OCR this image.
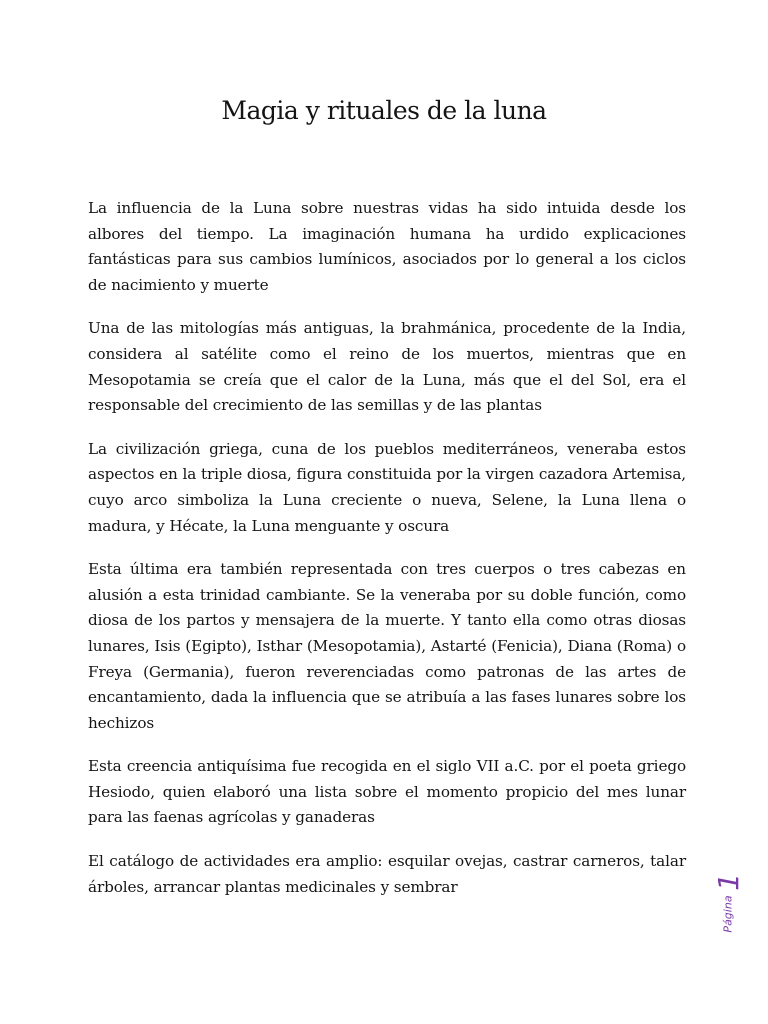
Magia y rituales de la luna

La influencia de la Luna sobre nuestras vidas ha sido intuida desde los albores del tiempo. La imaginación humana ha urdido explicaciones fantásticas para sus cambios lumínicos, asociados por lo general a los ciclos de nacimiento y muerte

Una de las mitologías más antiguas, la brahmánica, procedente de la India, considera al satélite como el reino de los muertos, mientras que en Mesopotamia se creía que el calor de la Luna, más que el del Sol, era el responsable del crecimiento de las semillas y de las plantas

La civilización griega, cuna de los pueblos mediterráneos, veneraba estos aspectos en la triple diosa, figura constituida por la virgen cazadora Artemisa, cuyo arco simboliza la Luna creciente o nueva, Selene, la Luna llena o madura, y Hécate, la Luna menguante y oscura

Esta última era también representada con tres cuerpos o tres cabezas en alusión a esta trinidad cambiante. Se la veneraba por su doble función, como diosa de los partos y mensajera de la muerte. Y tanto ella como otras diosas lunares, Isis (Egipto), Isthar (Mesopotamia), Astarté (Fenicia), Diana (Roma) o Freya (Germania), fueron reverenciadas como patronas de las artes de encantamiento, dada la influencia que se atribuía a las fases lunares sobre los hechizos

Esta creencia antiquísima fue recogida en el siglo VII a.C. por el poeta griego Hesiodo, quien elaboró una lista sobre el momento propicio del mes lunar para las faenas agrícolas y ganaderas

El catálogo de actividades era amplio: esquilar ovejas, castrar carneros, talar árboles, arrancar plantas medicinales y sembrar	1
Página
